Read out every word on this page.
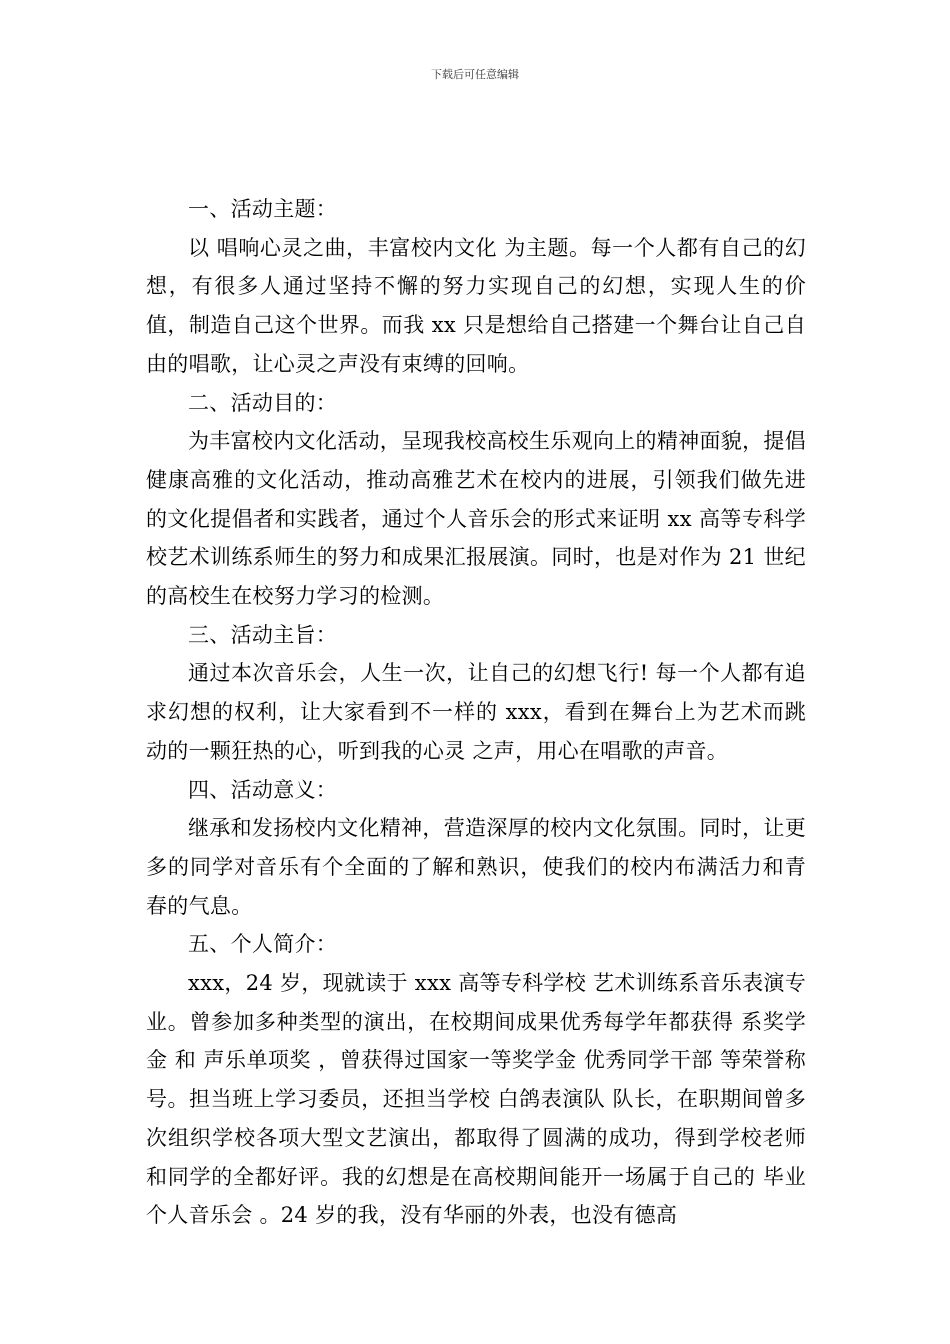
下载后可任意编辑

一、活动主题：

以 唱响心灵之曲，丰富校内文化 为主题。每一个人都有自己的幻想，有很多人通过坚持不懈的努力实现自己的幻想，实现人生的价值，制造自己这个世界。而我 xx 只是想给自己搭建一个舞台让自己自由的唱歌，让心灵之声没有束缚的回响。

二、活动目的：

为丰富校内文化活动，呈现我校高校生乐观向上的精神面貌，提倡健康高雅的文化活动，推动高雅艺术在校内的进展，引领我们做先进的文化提倡者和实践者，通过个人音乐会的形式来证明 xx 高等专科学校艺术训练系师生的努力和成果汇报展演。同时，也是对作为 21 世纪的高校生在校努力学习的检测。

三、活动主旨：

通过本次音乐会，人生一次，让自己的幻想飞行! 每一个人都有追求幻想的权利，让大家看到不一样的 xxx，看到在舞台上为艺术而跳动的一颗狂热的心，听到我的心灵 之声，用心在唱歌的声音。

四、活动意义：

继承和发扬校内文化精神，营造深厚的校内文化氛围。同时，让更多的同学对音乐有个全面的了解和熟识，使我们的校内布满活力和青春的气息。

五、个人简介：

xxx，24 岁，现就读于 xxx 高等专科学校 艺术训练系音乐表演专业。曾参加多种类型的演出，在校期间成果优秀每学年都获得 系奖学金 和 声乐单项奖 ，曾获得过国家一等奖学金 优秀同学干部 等荣誉称号。担当班上学习委员，还担当学校 白鸽表演队 队长，在职期间曾多次组织学校各项大型文艺演出，都取得了圆满的成功，得到学校老师和同学的全都好评。我的幻想是在高校期间能开一场属于自己的 毕业个人音乐会 。24 岁的我，没有华丽的外表，也没有德高
